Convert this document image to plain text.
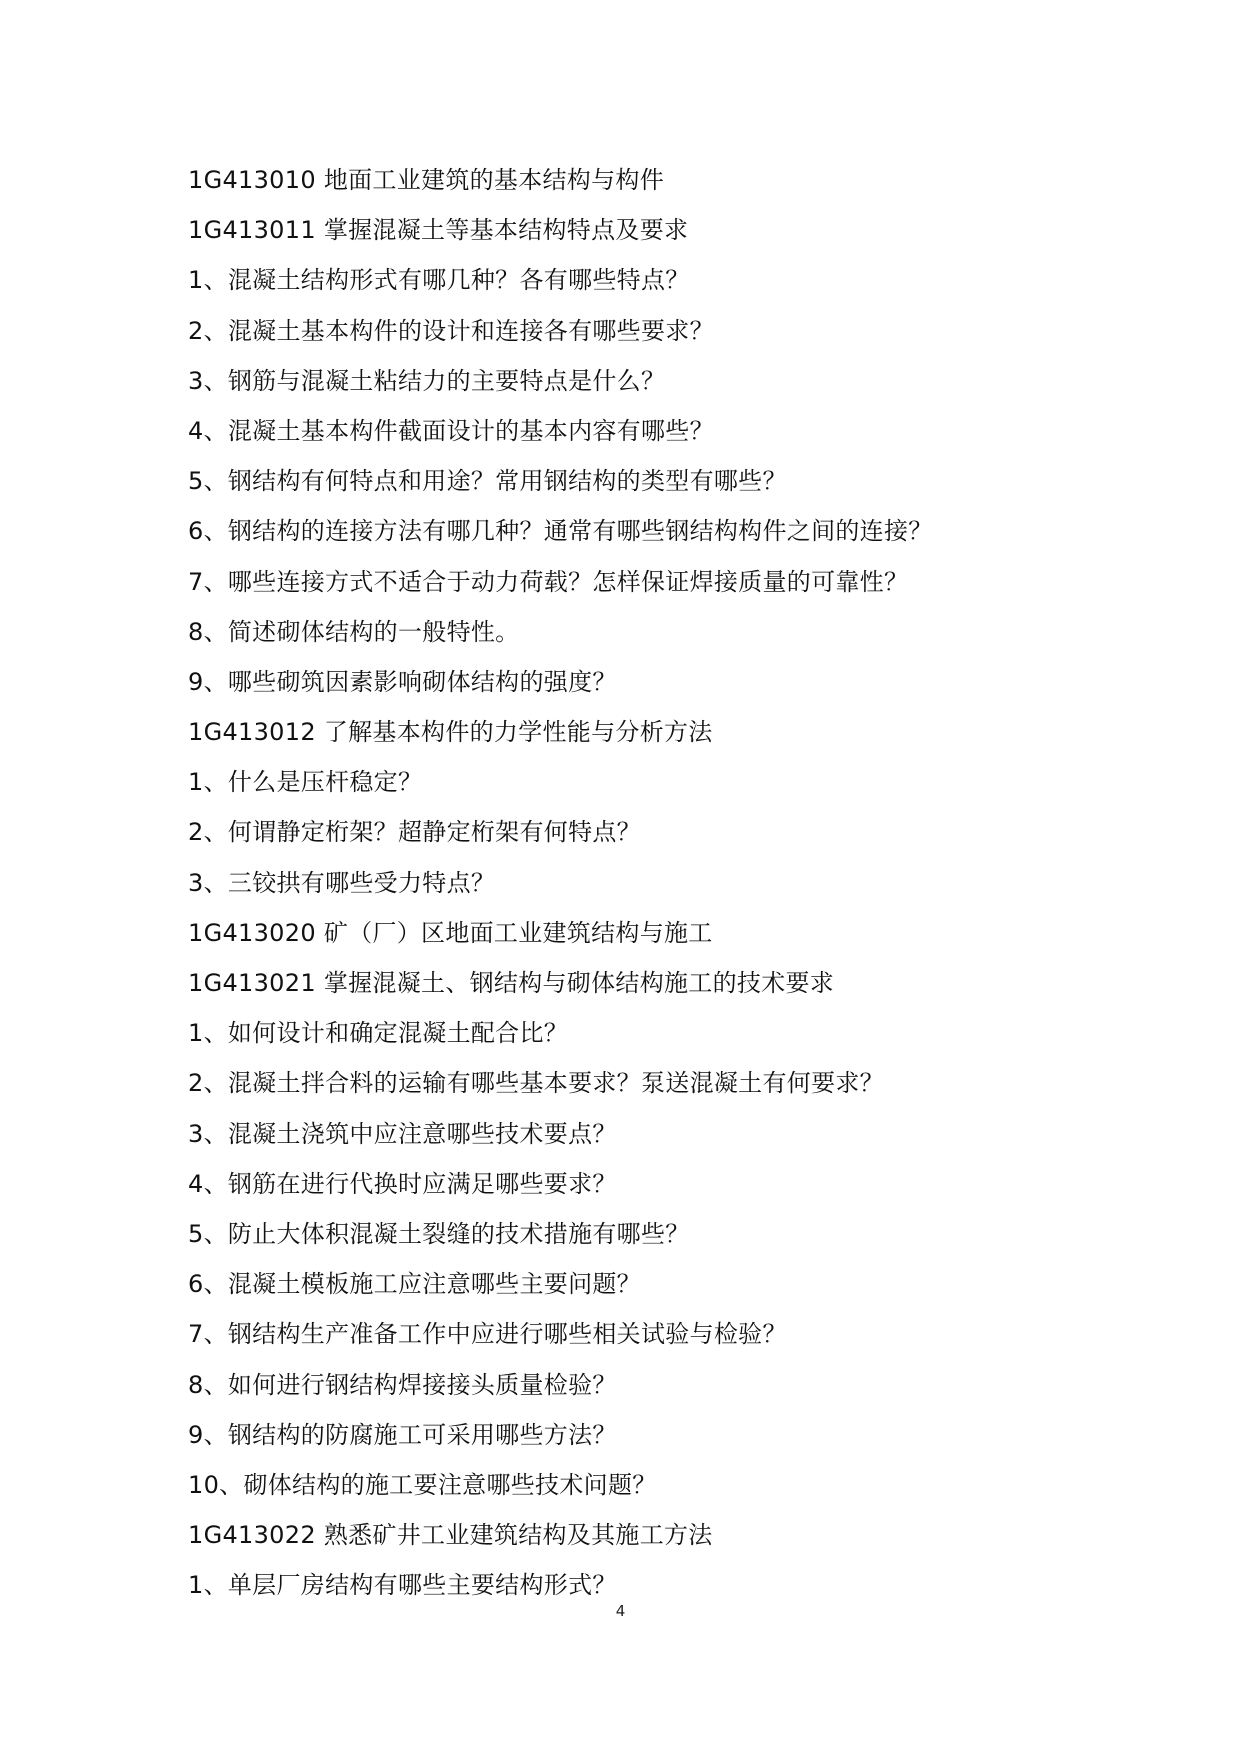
1G413010 地面工业建筑的基本结构与构件
1G413011 掌握混凝土等基本结构特点及要求
1、混凝土结构形式有哪几种？各有哪些特点？
2、混凝土基本构件的设计和连接各有哪些要求？
3、钢筋与混凝土粘结力的主要特点是什么？
4、混凝土基本构件截面设计的基本内容有哪些？
5、钢结构有何特点和用途？常用钢结构的类型有哪些？
6、钢结构的连接方法有哪几种？通常有哪些钢结构构件之间的连接？
7、哪些连接方式不适合于动力荷载？怎样保证焊接质量的可靠性？
8、简述砌体结构的一般特性。
9、哪些砌筑因素影响砌体结构的强度？
1G413012 了解基本构件的力学性能与分析方法
1、什么是压杆稳定？
2、何谓静定桁架？超静定桁架有何特点？
3、三铰拱有哪些受力特点？
1G413020 矿（厂）区地面工业建筑结构与施工
1G413021 掌握混凝土、钢结构与砌体结构施工的技术要求
1、如何设计和确定混凝土配合比？
2、混凝土拌合料的运输有哪些基本要求？泵送混凝土有何要求？
3、混凝土浇筑中应注意哪些技术要点？
4、钢筋在进行代换时应满足哪些要求？
5、防止大体积混凝土裂缝的技术措施有哪些？
6、混凝土模板施工应注意哪些主要问题？
7、钢结构生产准备工作中应进行哪些相关试验与检验？
8、如何进行钢结构焊接接头质量检验？
9、钢结构的防腐施工可采用哪些方法？
10、砌体结构的施工要注意哪些技术问题？
1G413022 熟悉矿井工业建筑结构及其施工方法
1、单层厂房结构有哪些主要结构形式？
4
